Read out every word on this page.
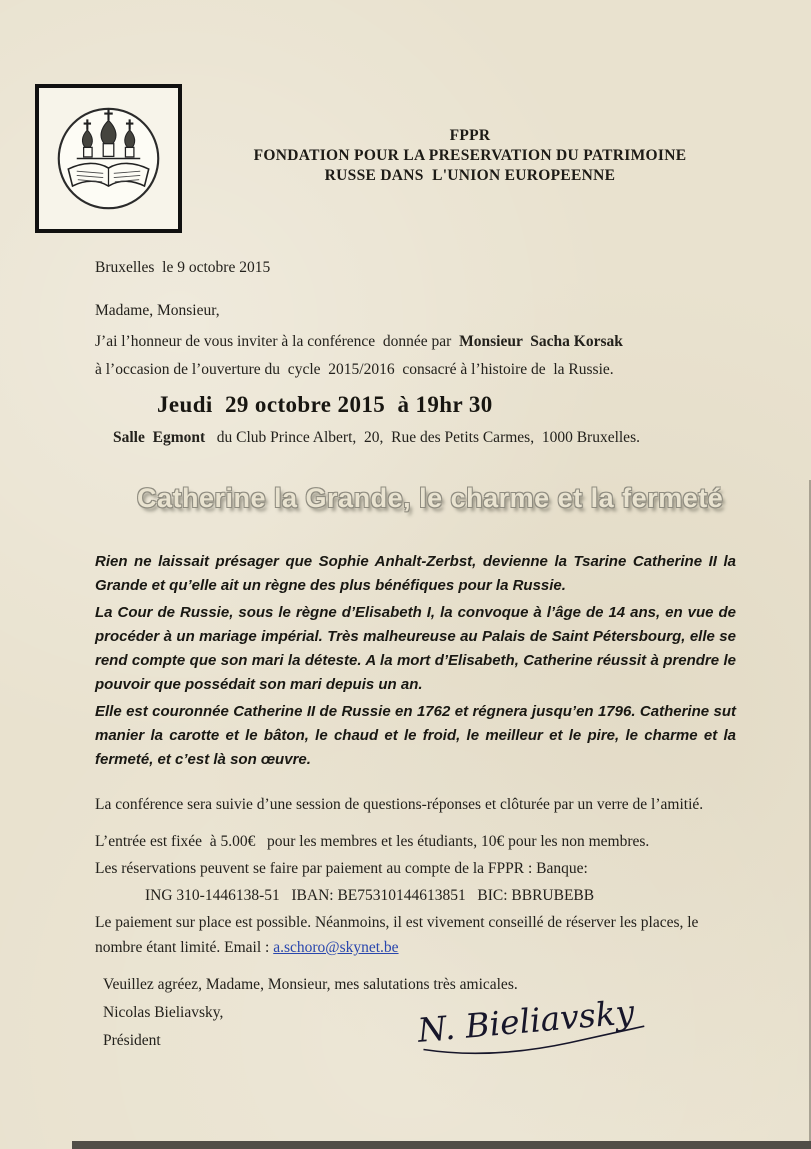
FPPR
FONDATION POUR LA PRESERVATION DU PATRIMOINE
RUSSE DANS  L'UNION EUROPEENNE
Bruxelles  le 9 octobre 2015
Madame, Monsieur,
J’ai l’honneur de vous inviter à la conférence  donnée par  Monsieur  Sacha Korsak
à l’occasion de l’ouverture du  cycle  2015/2016  consacré à l’histoire de  la Russie.
Jeudi  29 octobre 2015  à 19hr 30
Salle  Egmont   du Club Prince Albert,  20,  Rue des Petits Carmes,  1000 Bruxelles.
Catherine la Grande, le charme et la fermeté

Rien ne laissait présager que Sophie Anhalt-Zerbst, devienne la Tsarine Catherine II la Grande et qu’elle ait un règne des plus bénéfiques pour la Russie.

La Cour de Russie, sous le règne d’Elisabeth I, la convoque à l’âge de 14 ans, en vue de procéder à un mariage impérial. Très malheureuse au Palais de Saint Pétersbourg, elle se rend compte que son mari la déteste. A la mort d’Elisabeth, Catherine réussit à prendre le pouvoir que possédait son mari depuis un an.

Elle est couronnée Catherine II de Russie en 1762 et régnera jusqu’en 1796. Catherine sut manier la carotte et le bâton, le chaud et le froid, le meilleur et le pire, le charme et la fermeté, et c’est là son œuvre.

La conférence sera suivie d’une session de questions-réponses et clôturée par un verre de l’amitié.
L’entrée est fixée  à 5.00€   pour les membres et les étudiants, 10€ pour les non membres.
Les réservations peuvent se faire par paiement au compte de la FPPR : Banque:
ING 310-1446138-51   IBAN: BE75310144613851   BIC: BBRUBEBB
Le paiement sur place est possible. Néanmoins, il est vivement conseillé de réserver les places, le nombre étant limité. Email : a.schoro@skynet.be
Veuillez agréez, Madame, Monsieur, mes salutations très amicales.
Nicolas Bieliavsky,
Président	N. Bieliavsky
